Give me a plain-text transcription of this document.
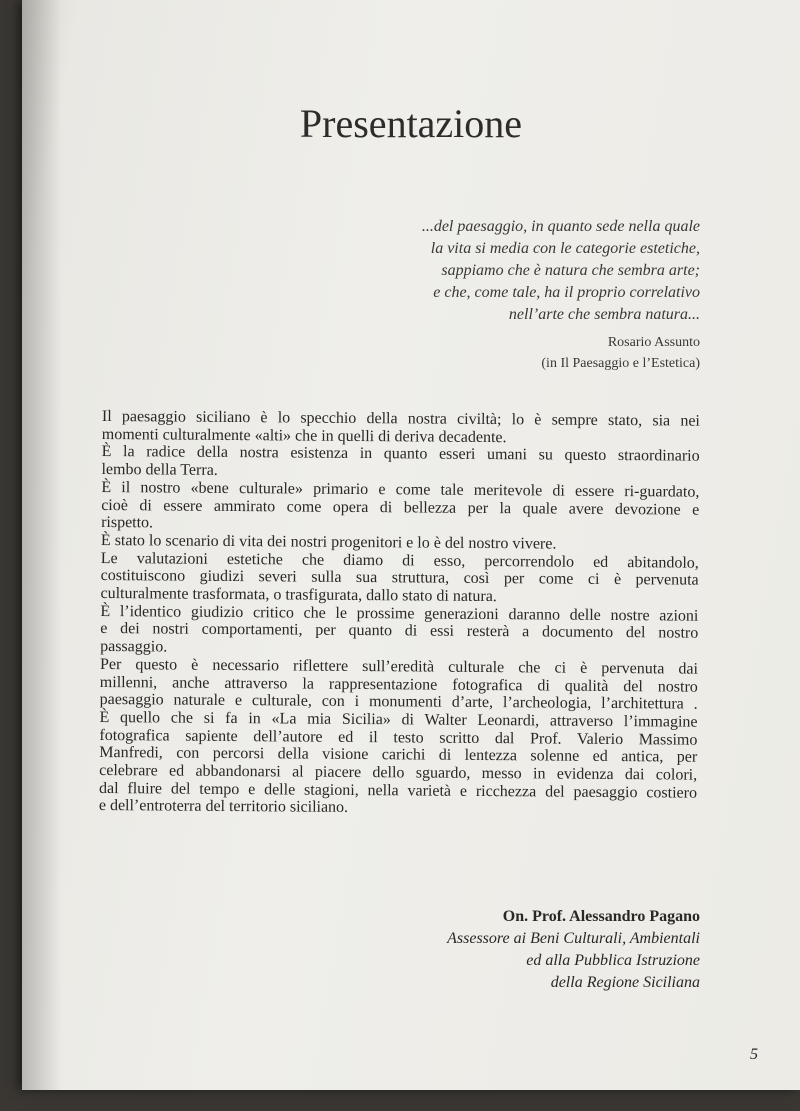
Presentazione
...del paesaggio, in quanto sede nella quale
la vita si media con le categorie estetiche,
sappiamo che è natura che sembra arte;
e che, come tale, ha il proprio correlativo
nell’arte che sembra natura...
Rosario Assunto
(in Il Paesaggio e l’Estetica)
Il paesaggio siciliano è lo specchio della nostra civiltà; lo è sempre stato, sia nei
momenti culturalmente «alti» che in quelli di deriva decadente.
È la radice della nostra esistenza in quanto esseri umani su questo straordinario
lembo della Terra.
È il nostro «bene culturale» primario e come tale meritevole di essere ri-guardato,
cioè di essere ammirato come opera di bellezza per la quale avere devozione e
rispetto.
È stato lo scenario di vita dei nostri progenitori e lo è del nostro vivere.
Le valutazioni estetiche che diamo di esso, percorrendolo ed abitandolo,
costituiscono giudizi severi sulla sua struttura, così per come ci è pervenuta
culturalmente trasformata, o trasfigurata, dallo stato di natura.
È l’identico giudizio critico che le prossime generazioni daranno delle nostre azioni
e dei nostri comportamenti, per quanto di essi resterà a documento del nostro
passaggio.
Per questo è necessario riflettere sull’eredità culturale che ci è pervenuta dai
millenni, anche attraverso la rappresentazione fotografica di qualità del nostro
paesaggio naturale e culturale, con i monumenti d’arte, l’archeologia, l’architettura .
È quello che si fa in «La mia Sicilia» di Walter Leonardi, attraverso l’immagine
fotografica sapiente dell’autore ed il testo scritto dal Prof. Valerio Massimo
Manfredi, con percorsi della visione carichi di lentezza solenne ed antica, per
celebrare ed abbandonarsi al piacere dello sguardo, messo in evidenza dai colori,
dal fluire del tempo e delle stagioni, nella varietà e ricchezza del paesaggio costiero
e dell’entroterra del territorio siciliano.
On. Prof. Alessandro Pagano
Assessore ai Beni Culturali, Ambientali
ed alla Pubblica Istruzione
della Regione Siciliana
5
